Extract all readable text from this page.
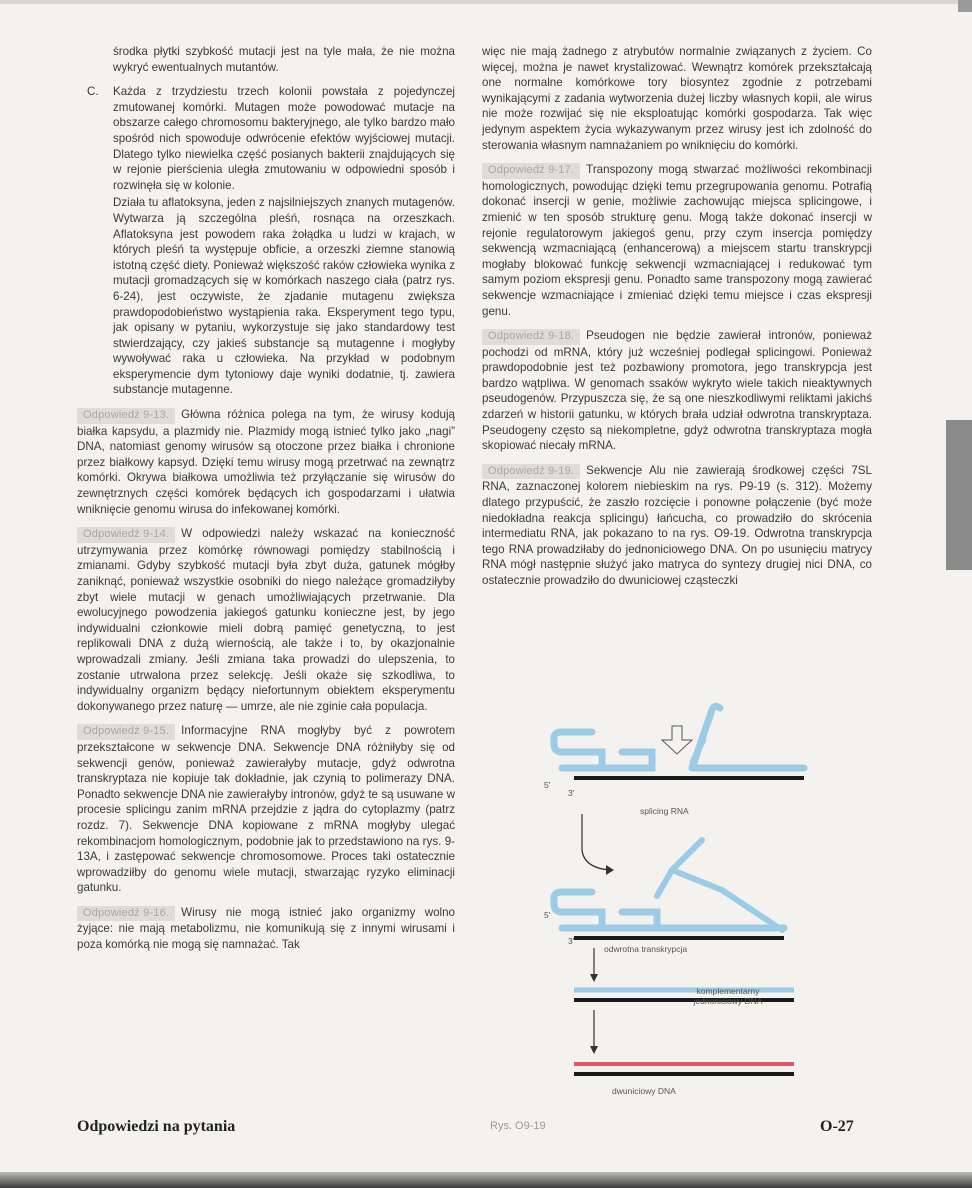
środka płytki szybkość mutacji jest na tyle mała, że nie można wykryć ewentualnych mutantów.

C. Każda z trzydziestu trzech kolonii powstała z pojedynczej zmutowanej komórki. Mutagen może powodować mutacje na obszarze całego chromosomu bakteryjnego, ale tylko bardzo mało spośród nich spowoduje odwrócenie efektów wyjściowej mutacji. Dlatego tylko niewielka część posianych bakterii znajdujących się w rejonie pierścienia uległa zmutowaniu w odpowiedni sposób i rozwinęła się w kolonie.

Działa tu aflatoksyna, jeden z najsilniejszych znanych mutagenów. Wytwarza ją szczególna pleśń, rosnąca na orzeszkach. Aflatoksyna jest powodem raka żołądka u ludzi w krajach, w których pleśń ta występuje obficie, a orzeszki ziemne stanowią istotną część diety. Ponieważ większość raków człowieka wynika z mutacji gromadzących się w komórkach naszego ciała (patrz rys. 6-24), jest oczywiste, że zjadanie mutagenu zwiększa prawdopodobieństwo wystąpienia raka. Eksperyment tego typu, jak opisany w pytaniu, wykorzystuje się jako standardowy test stwierdzający, czy jakieś substancje są mutagenne i mogłyby wywoływać raka u człowieka. Na przykład w podobnym eksperymencie dym tytoniowy daje wyniki dodatnie, tj. zawiera substancje mutagenne.

Odpowiedź 9-13. Główna różnica polega na tym, że wirusy kodują białka kapsydu, a plazmidy nie. Plazmidy mogą istnieć tylko jako „nagi” DNA, natomiast genomy wirusów są otoczone przez białka i chronione przez białkowy kapsyd. Dzięki temu wirusy mogą przetrwać na zewnątrz komórki. Okrywa białkowa umożliwia też przyłączanie się wirusów do zewnętrznych części komórek będących ich gospodarzami i ułatwia wniknięcie genomu wirusa do infekowanej komórki.

Odpowiedź 9-14. W odpowiedzi należy wskazać na konieczność utrzymywania przez komórkę równowagi pomiędzy stabilnością i zmianami. Gdyby szybkość mutacji była zbyt duża, gatunek mógłby zaniknąć, ponieważ wszystkie osobniki do niego należące gromadziłyby zbyt wiele mutacji w genach umożliwiających przetrwanie. Dla ewolucyjnego powodzenia jakiegoś gatunku konieczne jest, by jego indywidualni członkowie mieli dobrą pamięć genetyczną, to jest replikowali DNA z dużą wiernością, ale także i to, by okazjonalnie wprowadzali zmiany. Jeśli zmiana taka prowadzi do ulepszenia, to zostanie utrwalona przez selekcję. Jeśli okaże się szkodliwa, to indywidualny organizm będący niefortunnym obiektem eksperymentu dokonywanego przez naturę — umrze, ale nie zginie cała populacja.

Odpowiedź 9-15. Informacyjne RNA mogłyby być z powrotem przekształcone w sekwencje DNA. Sekwencje DNA różniłyby się od sekwencji genów, ponieważ zawierałyby mutacje, gdyż odwrotna transkryptaza nie kopiuje tak dokładnie, jak czynią to polimerazy DNA. Ponadto sekwencje DNA nie zawierałyby intronów, gdyż te są usuwane w procesie splicingu zanim mRNA przejdzie z jądra do cytoplazmy (patrz rozdz. 7). Sekwencje DNA kopiowane z mRNA mogłyby ulegać rekombinacjom homologicznym, podobnie jak to przedstawiono na rys. 9-13A, i zastępować sekwencje chromosomowe. Proces taki ostatecznie wprowadziłby do genomu wiele mutacji, stwarzając ryzyko eliminacji gatunku.

Odpowiedź 9-16. Wirusy nie mogą istnieć jako organizmy wolno żyjące: nie mają metabolizmu, nie komunikują się z innymi wirusami i poza komórką nie mogą się namnażać. Tak

więc nie mają żadnego z atrybutów normalnie związanych z życiem. Co więcej, można je nawet krystalizować. Wewnątrz komórek przekształcają one normalne komórkowe tory biosyntez zgodnie z potrzebami wynikającymi z zadania wytworzenia dużej liczby własnych kopii, ale wirus nie może rozwijać się nie eksploatując komórki gospodarza. Tak więc jedynym aspektem życia wykazywanym przez wirusy jest ich zdolność do sterowania własnym namnażaniem po wniknięciu do komórki.

Odpowiedź 9-17. Transpozony mogą stwarzać możliwości rekombinacji homologicznych, powodując dzięki temu przegrupowania genomu. Potrafią dokonać insercji w genie, możliwie zachowując miejsca splicingowe, i zmienić w ten sposób strukturę genu. Mogą także dokonać insercji w rejonie regulatorowym jakiegoś genu, przy czym insercja pomiędzy sekwencją wzmacniającą (enhancerową) a miejscem startu transkrypcji mogłaby blokować funkcję sekwencji wzmacniającej i redukować tym samym poziom ekspresji genu. Ponadto same transpozony mogą zawierać sekwencje wzmacniające i zmieniać dzięki temu miejsce i czas ekspresji genu.

Odpowiedź 9-18. Pseudogen nie będzie zawierał intronów, ponieważ pochodzi od mRNA, który już wcześniej podlegał splicingowi. Ponieważ prawdopodobnie jest też pozbawiony promotora, jego transkrypcja jest bardzo wątpliwa. W genomach ssaków wykryto wiele takich nieaktywnych pseudogenów. Przypuszcza się, że są one nieszkodliwymi reliktami jakichś zdarzeń w historii gatunku, w których brała udział odwrotna transkryptaza. Pseudogeny często są niekompletne, gdyż odwrotna transkryptaza mogła skopiować niecały mRNA.

Odpowiedź 9-19. Sekwencje Alu nie zawierają środkowej części 7SL RNA, zaznaczonej kolorem niebieskim na rys. P9-19 (s. 312). Możemy dlatego przypuścić, że zaszło rozcięcie i ponowne połączenie (być może niedokładna reakcja splicingu) łańcucha, co prowadziło do skrócenia intermediatu RNA, jak pokazano to na rys. O9-19. Odwrotna transkrypcja tego RNA prowadziłaby do jednoniciowego DNA. On po usunięciu matrycy RNA mógł następnie służyć jako matryca do syntezy drugiej nici DNA, co ostatecznie prowadziło do dwuniciowej cząsteczki

5'
3'
splicing RNA
5'
3'
odwrotna transkrypcja
komplementarny jednoniciowy DNA
dwuniciowy DNA
Rys. O9-19
Odpowiedzi na pytania	O-27
